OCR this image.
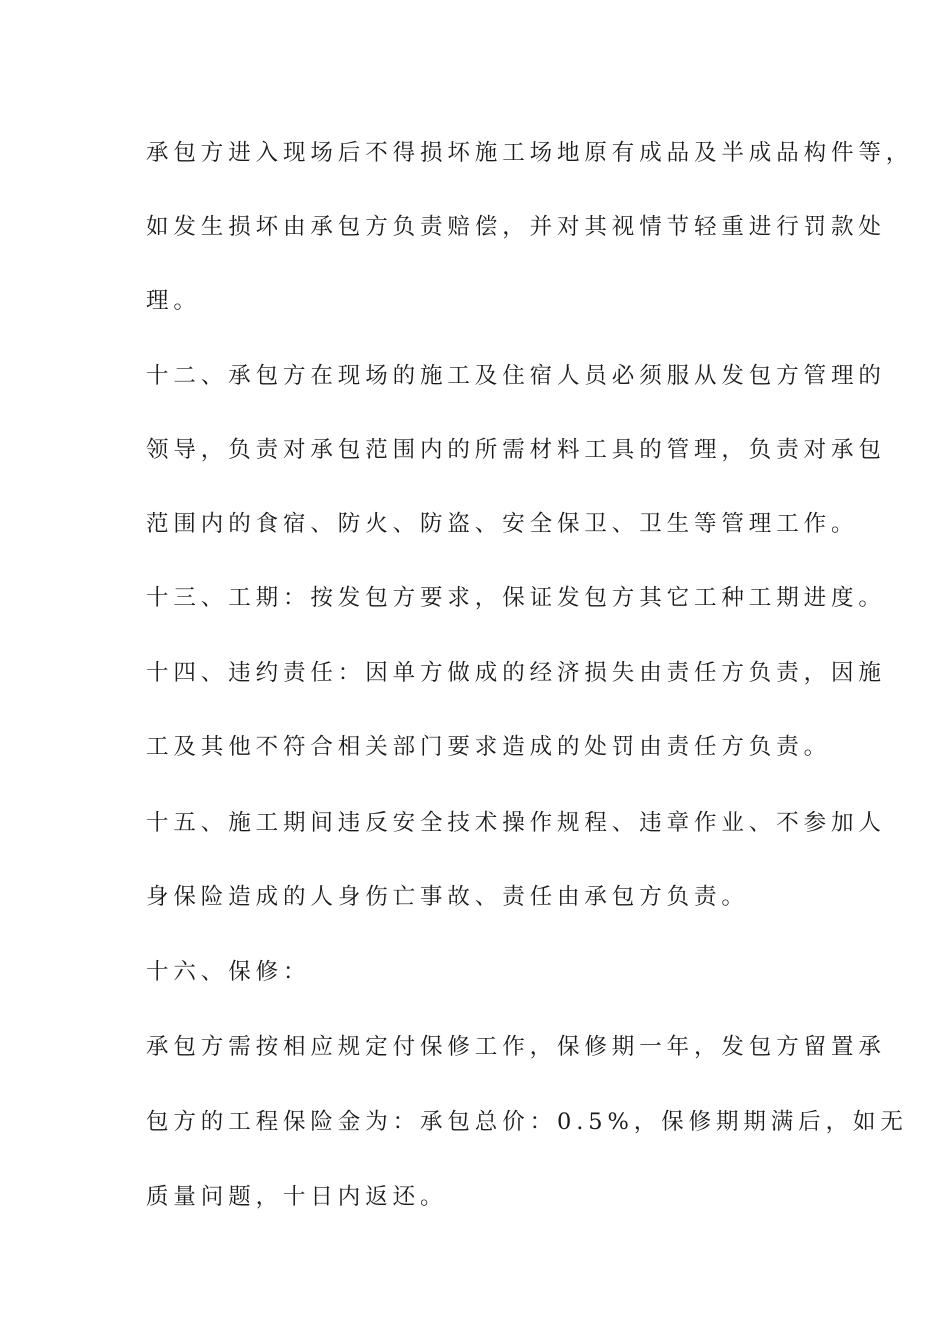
承包方进入现场后不得损坏施工场地原有成品及半成品构件等，
如发生损坏由承包方负责赔偿，并对其视情节轻重进行罚款处
理。
十二、承包方在现场的施工及住宿人员必须服从发包方管理的
领导，负责对承包范围内的所需材料工具的管理，负责对承包
范围内的食宿、防火、防盗、安全保卫、卫生等管理工作。
十三、工期：按发包方要求，保证发包方其它工种工期进度。
十四、违约责任：因单方做成的经济损失由责任方负责，因施
工及其他不符合相关部门要求造成的处罚由责任方负责。
十五、施工期间违反安全技术操作规程、违章作业、不参加人
身保险造成的人身伤亡事故、责任由承包方负责。
十六、保修：
承包方需按相应规定付保修工作，保修期一年，发包方留置承
包方的工程保险金为：承包总价：0.5%，保修期期满后，如无
质量问题，十日内返还。
